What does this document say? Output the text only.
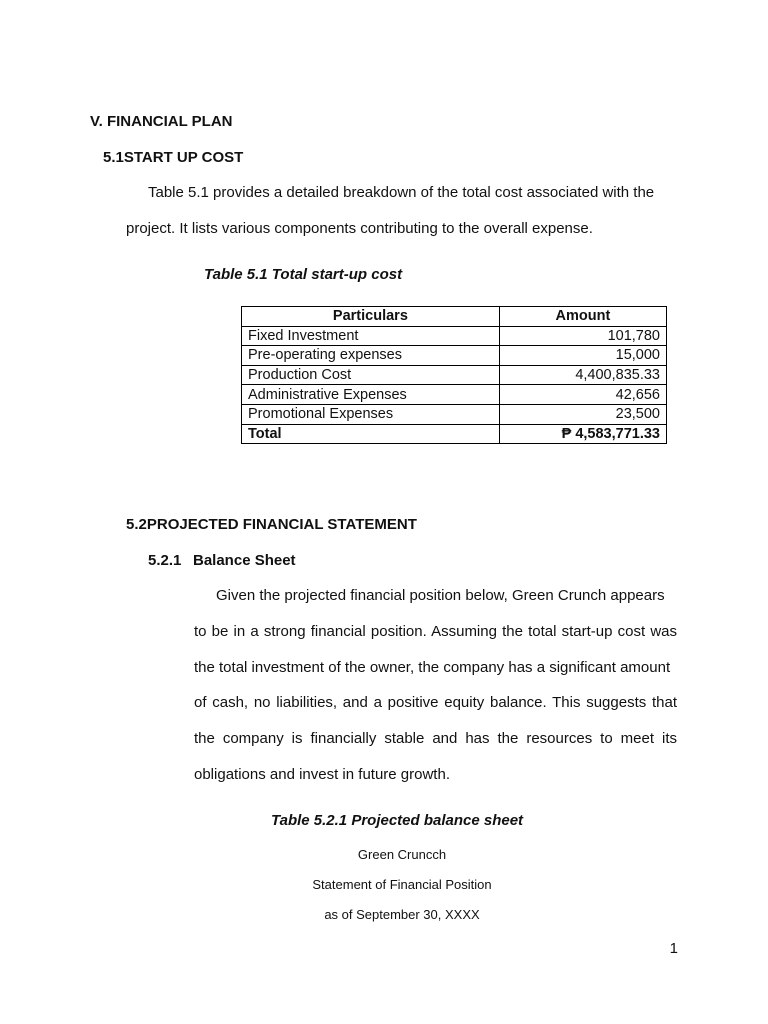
V. FINANCIAL PLAN
5.1START UP COST
Table 5.1 provides a detailed breakdown of the total cost associated with the
project. It lists various components contributing to the overall expense.
Table 5.1 Total start-up cost
Particulars	Amount
Fixed Investment	101,780
Pre-operating expenses	15,000
Production Cost	4,400,835.33
Administrative Expenses	42,656
Promotional Expenses	23,500
Total	₱ 4,583,771.33
5.2PROJECTED FINANCIAL STATEMENT
5.2.1 Balance Sheet
Given the projected financial position below, Green Crunch appears
to be in a strong financial position. Assuming the total start-up cost was
the total investment of the owner, the company has a significant amount
of cash, no liabilities, and a positive equity balance. This suggests that
the company is financially stable and has the resources to meet its
obligations and invest in future growth.
Table 5.2.1 Projected balance sheet
Green Cruncch
Statement of Financial Position
as of September 30, XXXX
1
